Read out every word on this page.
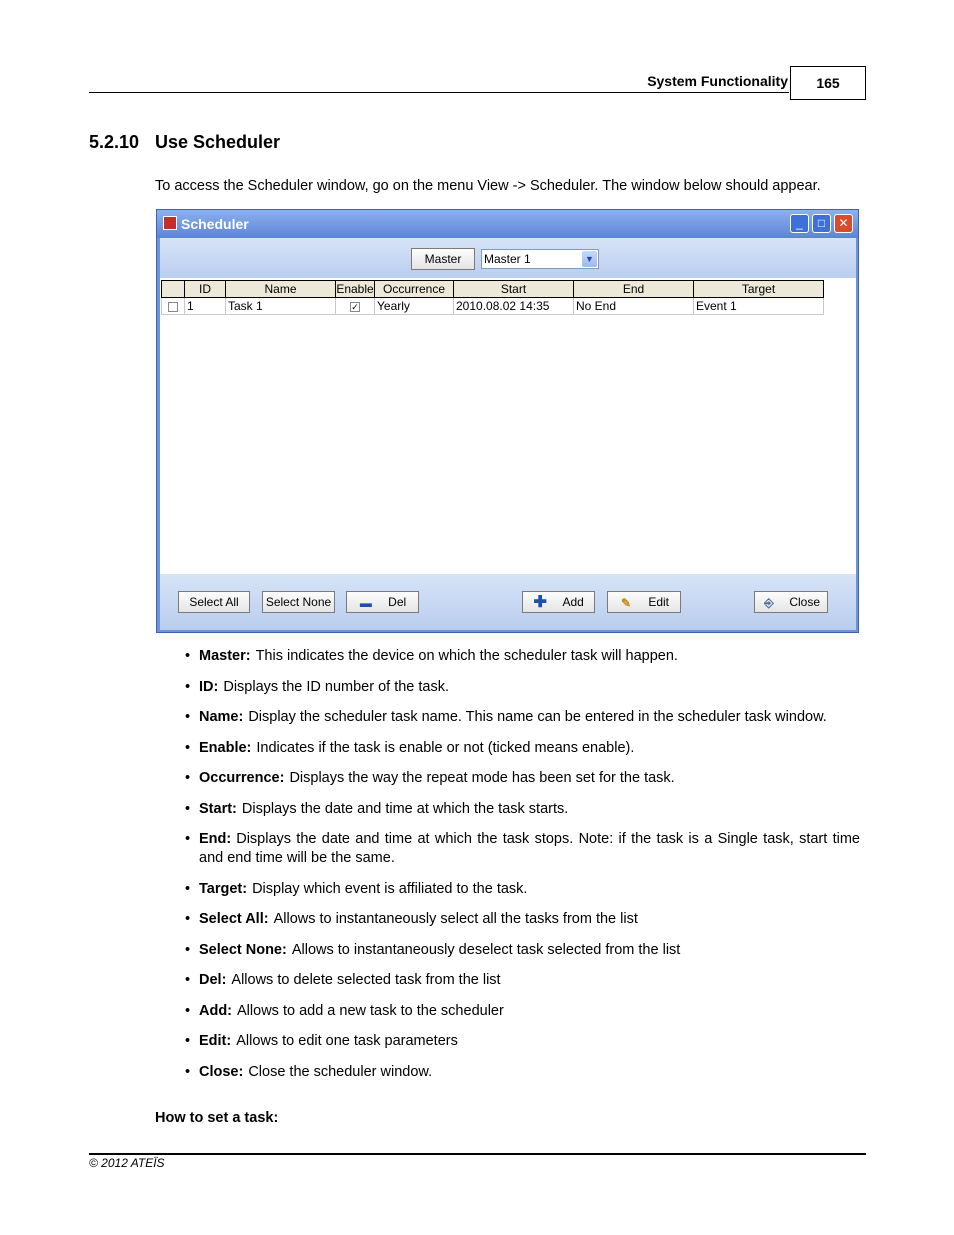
System Functionality	165
5.2.10 Use Scheduler
To access the Scheduler window, go on the menu View -> Scheduler. The window below should appear.
Scheduler	_	□	✕
Master	Master 1	▼
	ID	Name	Enable	Occurrence	Start	End	Target
	1	Task 1	✓	Yearly	2010.08.02 14:35	No End	Event 1
Select All	Select None	▬ Del	✚ Add	✎ Edit	⎆ Close
• Master: This indicates the device on which the scheduler task will happen.
• ID: Displays the ID number of the task.
• Name: Display the scheduler task name. This name can be entered in the scheduler task window.
• Enable: Indicates if the task is enable or not (ticked means enable).
• Occurrence: Displays the way the repeat mode has been set for the task.
• Start: Displays the date and time at which the task starts.
• End: Displays the date and time at which the task stops. Note: if the task is a Single task, start time and end time will be the same.
• Target: Display which event is affiliated to the task.
• Select All: Allows to instantaneously select all the tasks from the list
• Select None: Allows to instantaneously deselect task selected from the list
• Del: Allows to delete selected task from the list
• Add: Allows to add a new task to the scheduler
• Edit: Allows to edit one task parameters
• Close: Close the scheduler window.
How to set a task:
© 2012 ATEÏS
